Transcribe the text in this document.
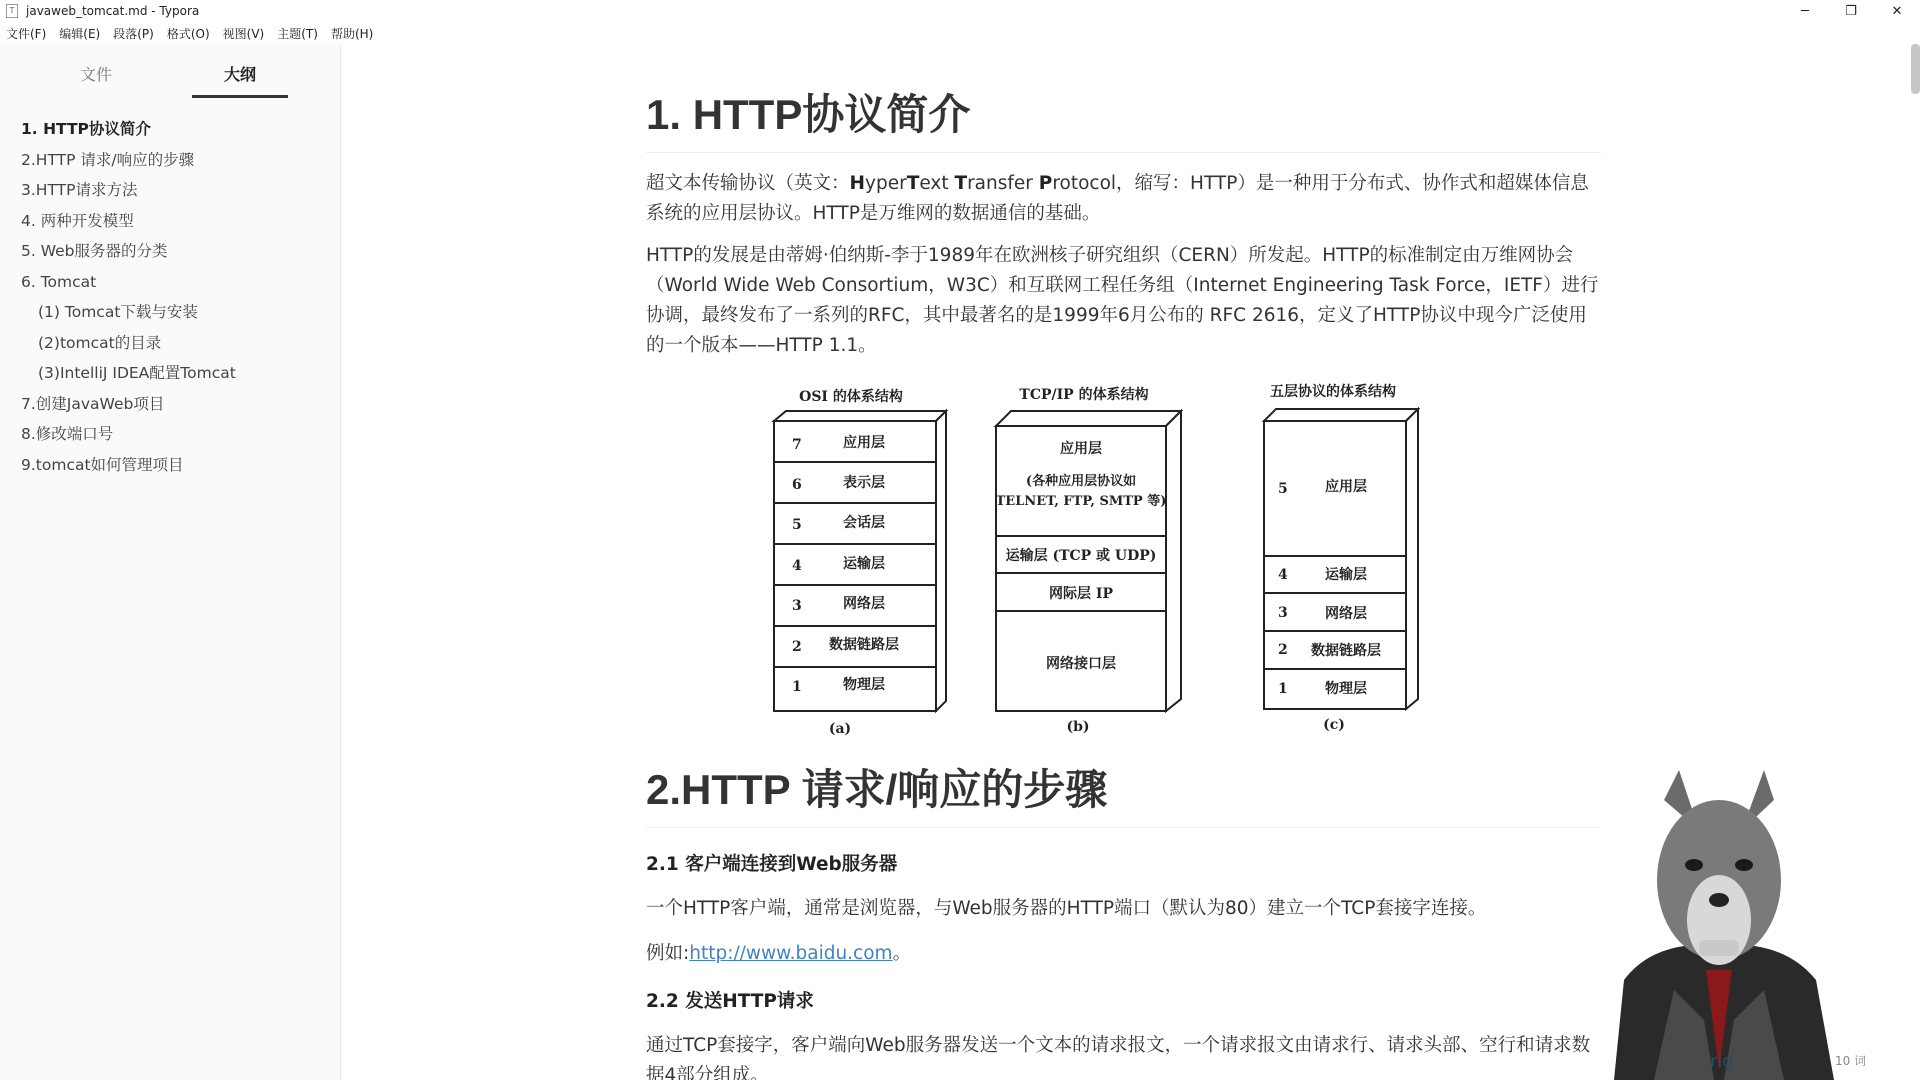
T javaweb_tomcat.md - Typora	─	❐	✕
文件(F) 编辑(E) 段落(P) 格式(O) 视图(V) 主题(T) 帮助(H)
文件	大纲
1. HTTP协议简介
2.HTTP 请求/响应的步骤
3.HTTP请求方法
4. 两种开发模型
5. Web服务器的分类
6. Tomcat
(1) Tomcat下载与安装
(2)tomcat的目录
(3)IntelliJ IDEA配置Tomcat
7.创建JavaWeb项目
8.修改端口号
9.tomcat如何管理项目
1. HTTP协议简介

超文本传输协议（英文：HyperText Transfer Protocol，缩写：HTTP）是一种用于分布式、协作式和超媒体信息系统的应用层协议。HTTP是万维网的数据通信的基础。

HTTP的发展是由蒂姆·伯纳斯-李于1989年在欧洲核子研究组织（CERN）所发起。HTTP的标准制定由万维网协会（World Wide Web Consortium，W3C）和互联网工程任务组（Internet Engineering Task Force，IETF）进行协调，最终发布了一系列的RFC，其中最著名的是1999年6月公布的 RFC 2616，定义了HTTP协议中现今广泛使用的一个版本——HTTP 1.1。

OSI 的体系结构
7	应用层
6	表示层
5	会话层
4	运输层
3	网络层
2 数据链路层
1	物理层
(a)
TCP/IP 的体系结构
应用层
(各种应用层协议如
TELNET, FTP, SMTP 等)
运输层 (TCP 或 UDP)
网际层 IP
网络接口层
(b)
五层协议的体系结构
5	应用层
4	运输层
3	网络层
2 数据链路层
1	物理层
(c)
2.HTTP 请求/响应的步骤
2.1 客户端连接到Web服务器

一个HTTP客户端，通常是浏览器，与Web服务器的HTTP端口（默认为80）建立一个TCP套接字连接。

例如:http://www.baidu.com。

2.2 发送HTTP请求

通过TCP套接字，客户端向Web服务器发送一个文本的请求报文，一个请求报文由请求行、请求头部、空行和请求数据4部分组成。

rig	10 词
